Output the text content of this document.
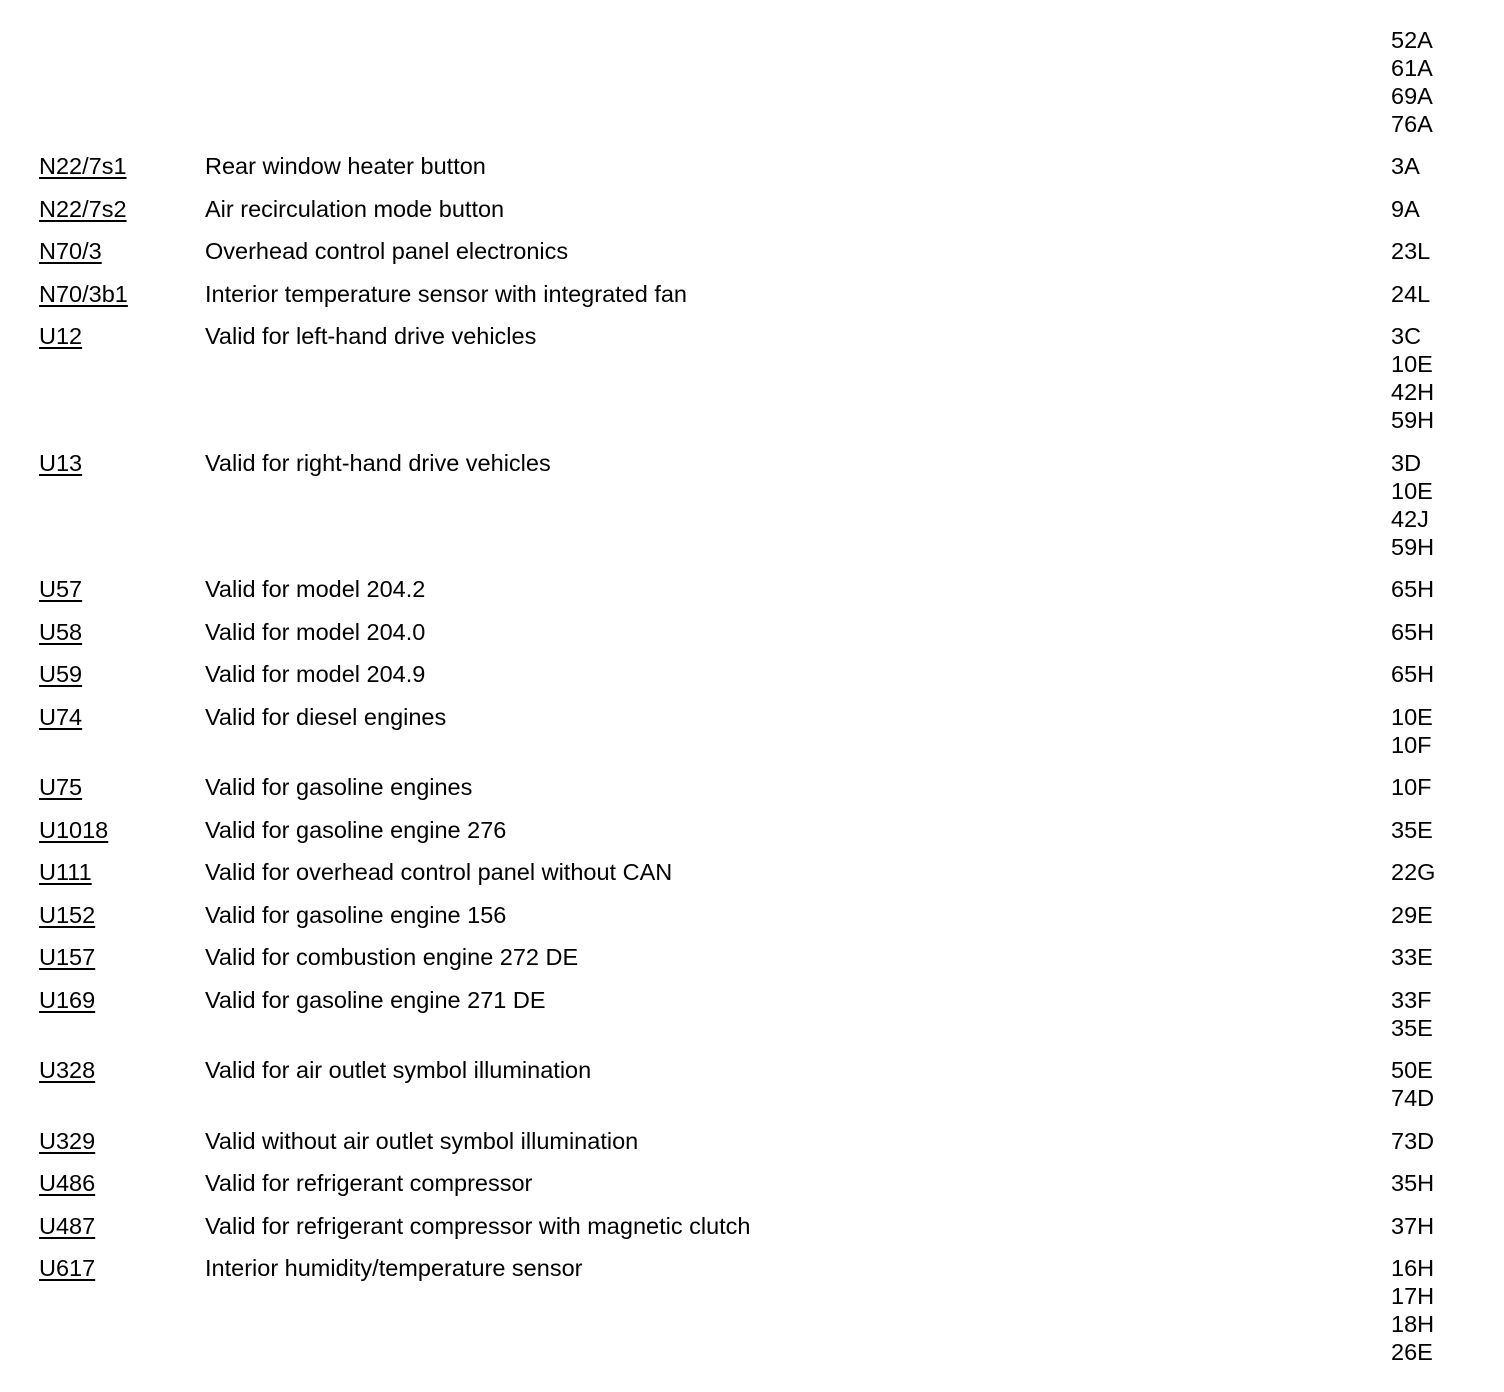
52A
61A
69A
76A
N22/7s1	Rear window heater button	3A
N22/7s2	Air recirculation mode button	9A
N70/3	Overhead control panel electronics	23L
N70/3b1	Interior temperature sensor with integrated fan	24L
U12	Valid for left-hand drive vehicles	3C
10E
42H
59H
U13	Valid for right-hand drive vehicles	3D
10E
42J
59H
U57	Valid for model 204.2	65H
U58	Valid for model 204.0	65H
U59	Valid for model 204.9	65H
U74	Valid for diesel engines	10E
10F
U75	Valid for gasoline engines	10F
U1018	Valid for gasoline engine 276	35E
U111	Valid for overhead control panel without CAN	22G
U152	Valid for gasoline engine 156	29E
U157	Valid for combustion engine 272 DE	33E
U169	Valid for gasoline engine 271 DE	33F
35E
U328	Valid for air outlet symbol illumination	50E
74D
U329	Valid without air outlet symbol illumination	73D
U486	Valid for refrigerant compressor	35H
U487	Valid for refrigerant compressor with magnetic clutch	37H
U617	Interior humidity/temperature sensor	16H
17H
18H
26E
